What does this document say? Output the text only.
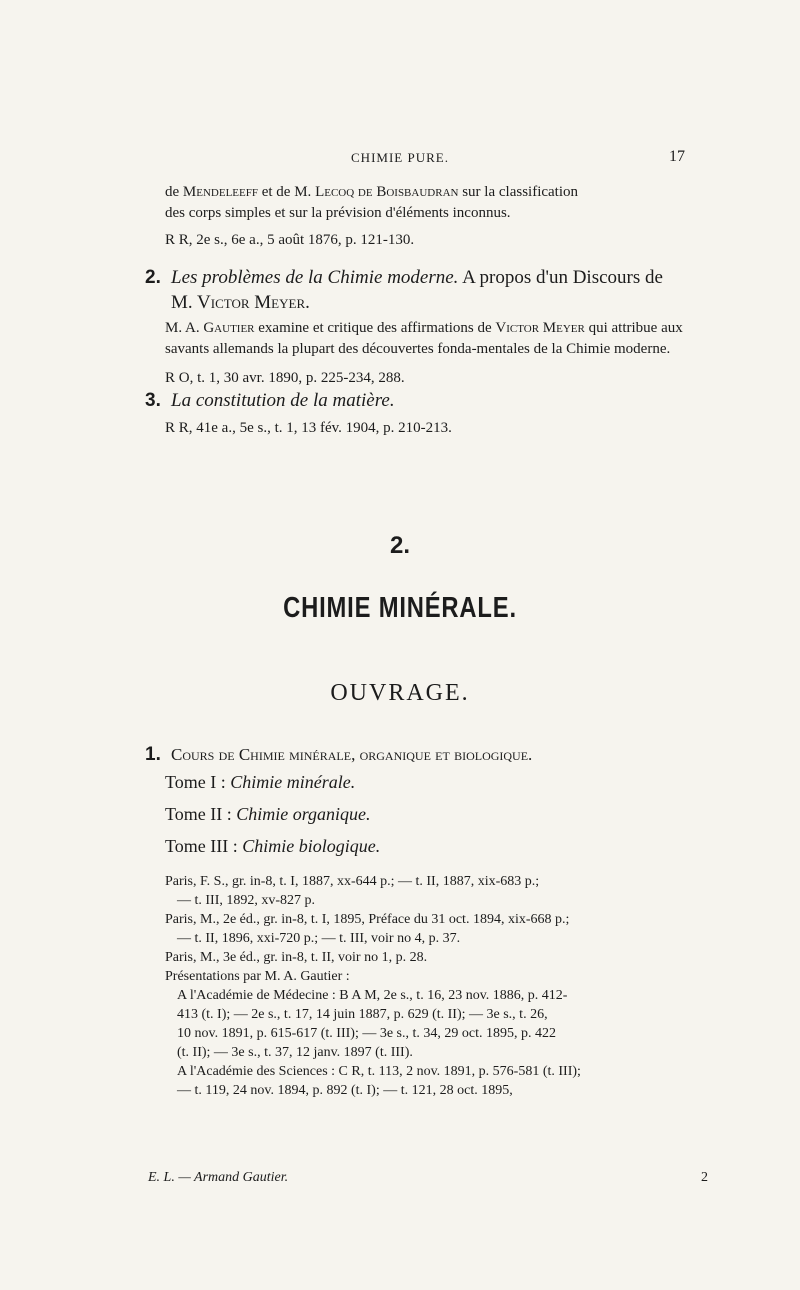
CHIMIE PURE.	17

de Mendeleeff et de M. Lecoq de Boisbaudran sur la classification

des corps simples et sur la prévision d'éléments inconnus.

R R, 2e s., 6e a., 5 août 1876, p. 121-130.

2. Les problèmes de la Chimie moderne. A propos d'un Discours de
M. Victor Meyer.

M. A. Gautier examine et critique des affirmations de Victor Meyer qui attribue aux savants allemands la plupart des découvertes fonda-mentales de la Chimie moderne.

R O, t. 1, 30 avr. 1890, p. 225-234, 288.

3. La constitution de la matière.

R R, 41e a., 5e s., t. 1, 13 fév. 1904, p. 210-213.

2.
CHIMIE MINÉRALE.
OUVRAGE.
1. Cours de Chimie minérale, organique et biologique.
Tome I : Chimie minérale.
Tome II : Chimie organique.
Tome III : Chimie biologique.
Paris, F. S., gr. in-8, t. I, 1887, xx-644 p.; — t. II, 1887, xix-683 p.;
— t. III, 1892, xv-827 p.
Paris, M., 2e éd., gr. in-8, t. I, 1895, Préface du 31 oct. 1894, xix-668 p.;
— t. II, 1896, xxi-720 p.; — t. III, voir no 4, p. 37.
Paris, M., 3e éd., gr. in-8, t. II, voir no 1, p. 28.
Présentations par M. A. Gautier :
A l'Académie de Médecine : B A M, 2e s., t. 16, 23 nov. 1886, p. 412-
413 (t. I); — 2e s., t. 17, 14 juin 1887, p. 629 (t. II); — 3e s., t. 26,
10 nov. 1891, p. 615-617 (t. III); — 3e s., t. 34, 29 oct. 1895, p. 422
(t. II); — 3e s., t. 37, 12 janv. 1897 (t. III).
A l'Académie des Sciences : C R, t. 113, 2 nov. 1891, p. 576-581 (t. III);
— t. 119, 24 nov. 1894, p. 892 (t. I); — t. 121, 28 oct. 1895,
E. L. — Armand Gautier.	2
